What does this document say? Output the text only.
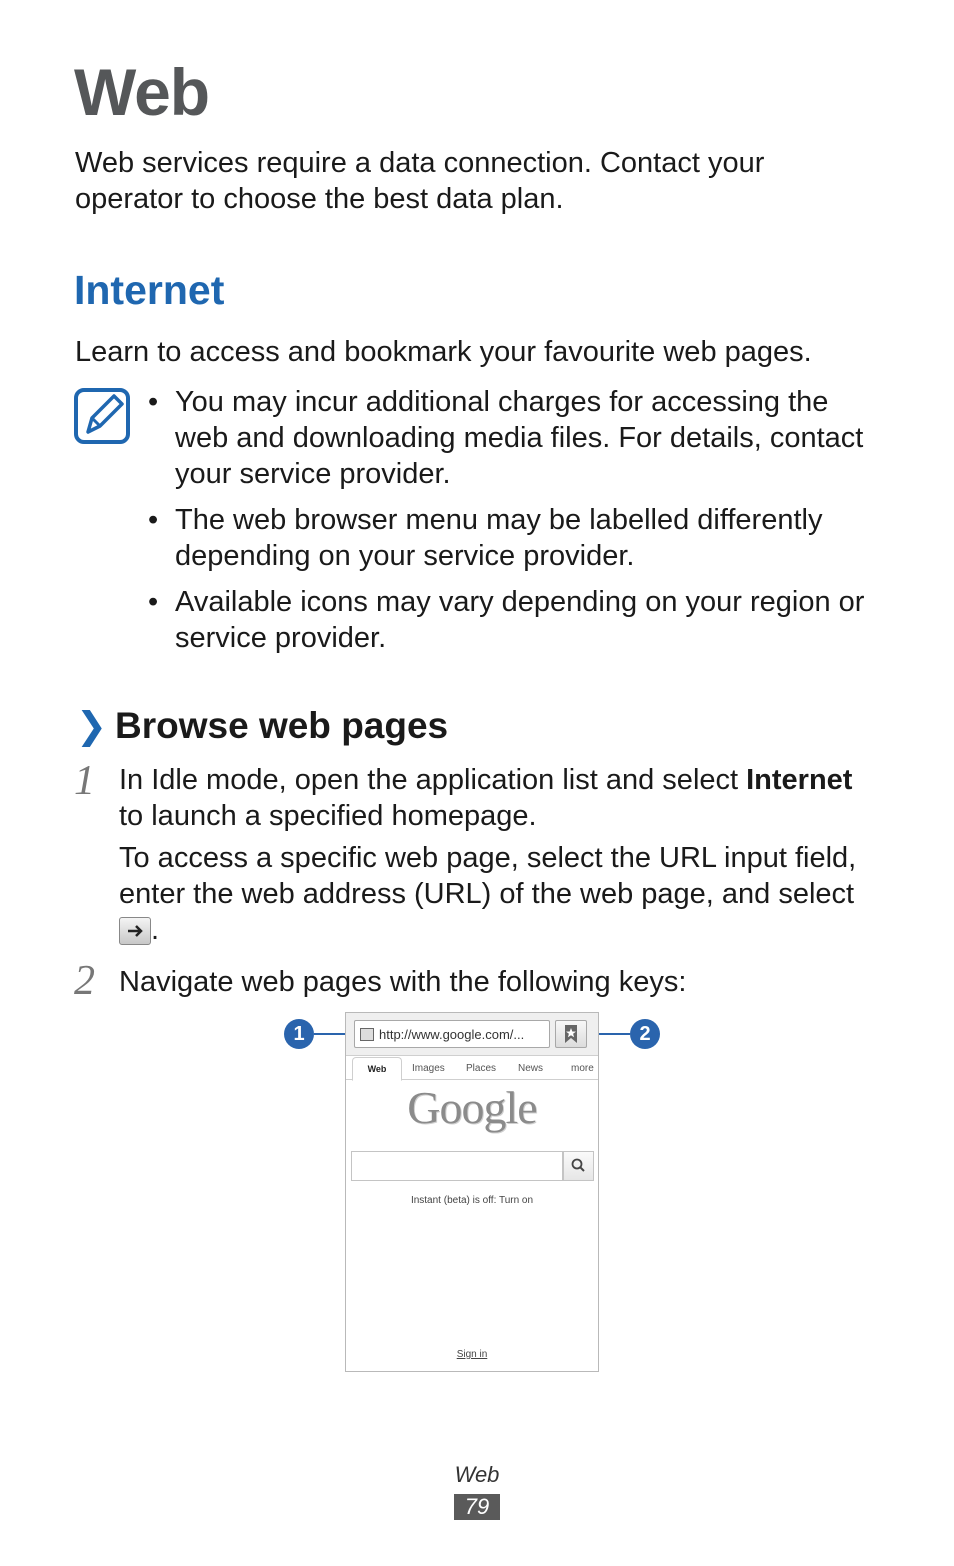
Web
Web services require a data connection. Contact your operator to choose the best data plan.
Internet
Learn to access and bookmark your favourite web pages.
• You may incur additional charges for accessing the web and downloading media files. For details, contact your service provider.
• The web browser menu may be labelled differently depending on your service provider.
• Available icons may vary depending on your region or service provider.
❯ Browse web pages
1 In Idle mode, open the application list and select Internet to launch a specified homepage.
To access a specific web page, select the URL input field, enter the web address (URL) of the web page, and select

.
2 Navigate web pages with the following keys:
1	2
http://www.google.com/...
Web	Images Places News	more
Google
Instant (beta) is off: Turn on
Sign in
Web
79
